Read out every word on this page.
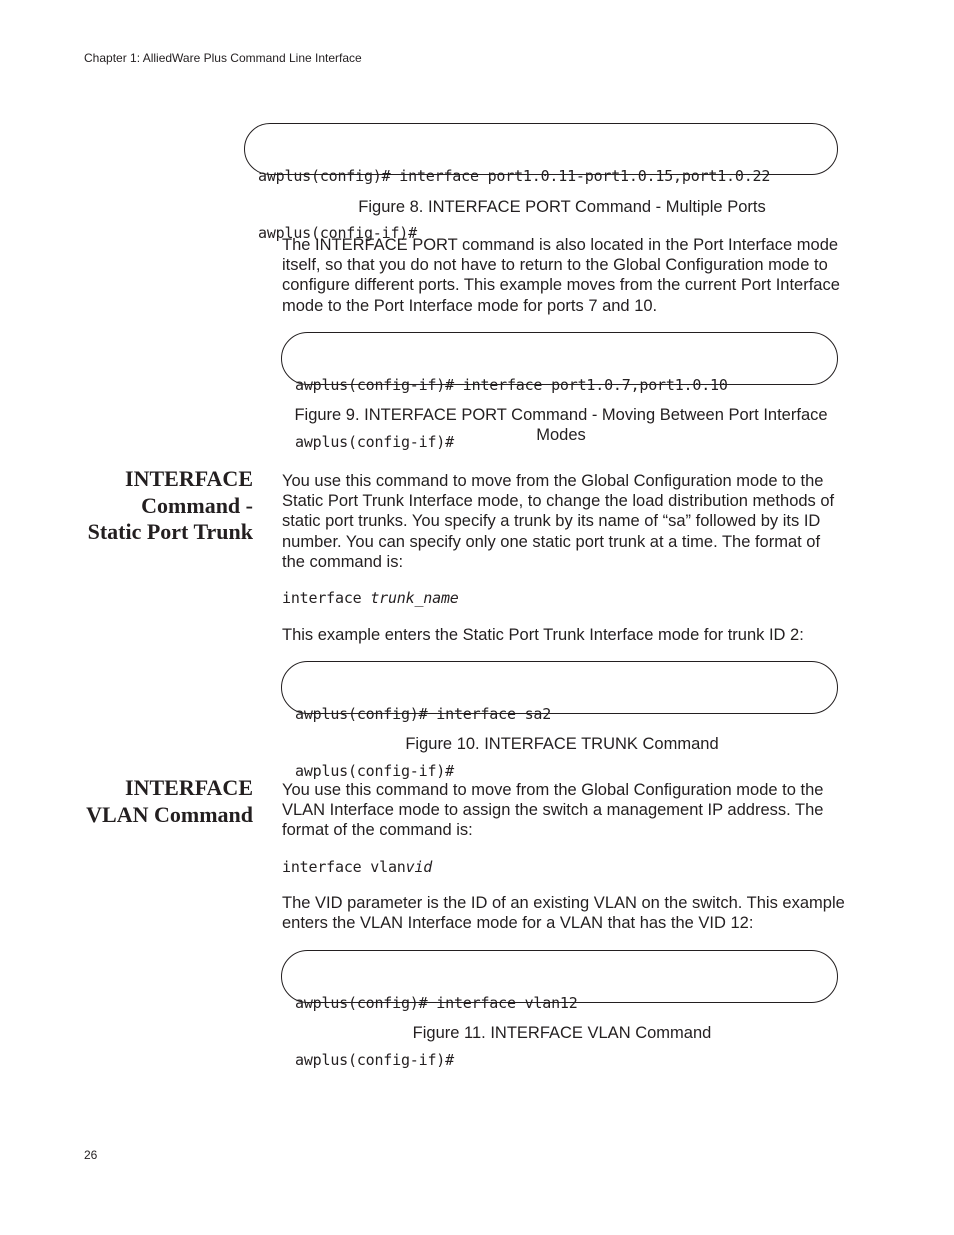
Chapter 1: AlliedWare Plus Command Line Interface

awplus(config)# interface port1.0.11-port1.0.15,port1.0.22

awplus(config-if)#

Figure 8. INTERFACE PORT Command - Multiple Ports
The INTERFACE PORT command is also located in the Port Interface mode itself, so that you do not have to return to the Global Configuration mode to configure different ports. This example moves from the current Port Interface mode to the Port Interface mode for ports 7 and 10.

awplus(config-if)# interface port1.0.7,port1.0.10

awplus(config-if)#

Figure 9. INTERFACE PORT Command - Moving Between Port Interface
Modes
INTERFACE
Command -
Static Port Trunk
You use this command to move from the Global Configuration mode to the Static Port Trunk Interface mode, to change the load distribution methods of static port trunks. You specify a trunk by its name of “sa” followed by its ID number. You can specify only one static port trunk at a time. The format of the command is:
interface trunk_name
This example enters the Static Port Trunk Interface mode for trunk ID 2:

awplus(config)# interface sa2

awplus(config-if)#

Figure 10. INTERFACE TRUNK Command
INTERFACE
VLAN Command
You use this command to move from the Global Configuration mode to the VLAN Interface mode to assign the switch a management IP address. The format of the command is:
interface vlanvid
The VID parameter is the ID of an existing VLAN on the switch. This example enters the VLAN Interface mode for a VLAN that has the VID 12:

awplus(config)# interface vlan12

awplus(config-if)#

Figure 11. INTERFACE VLAN Command
26
